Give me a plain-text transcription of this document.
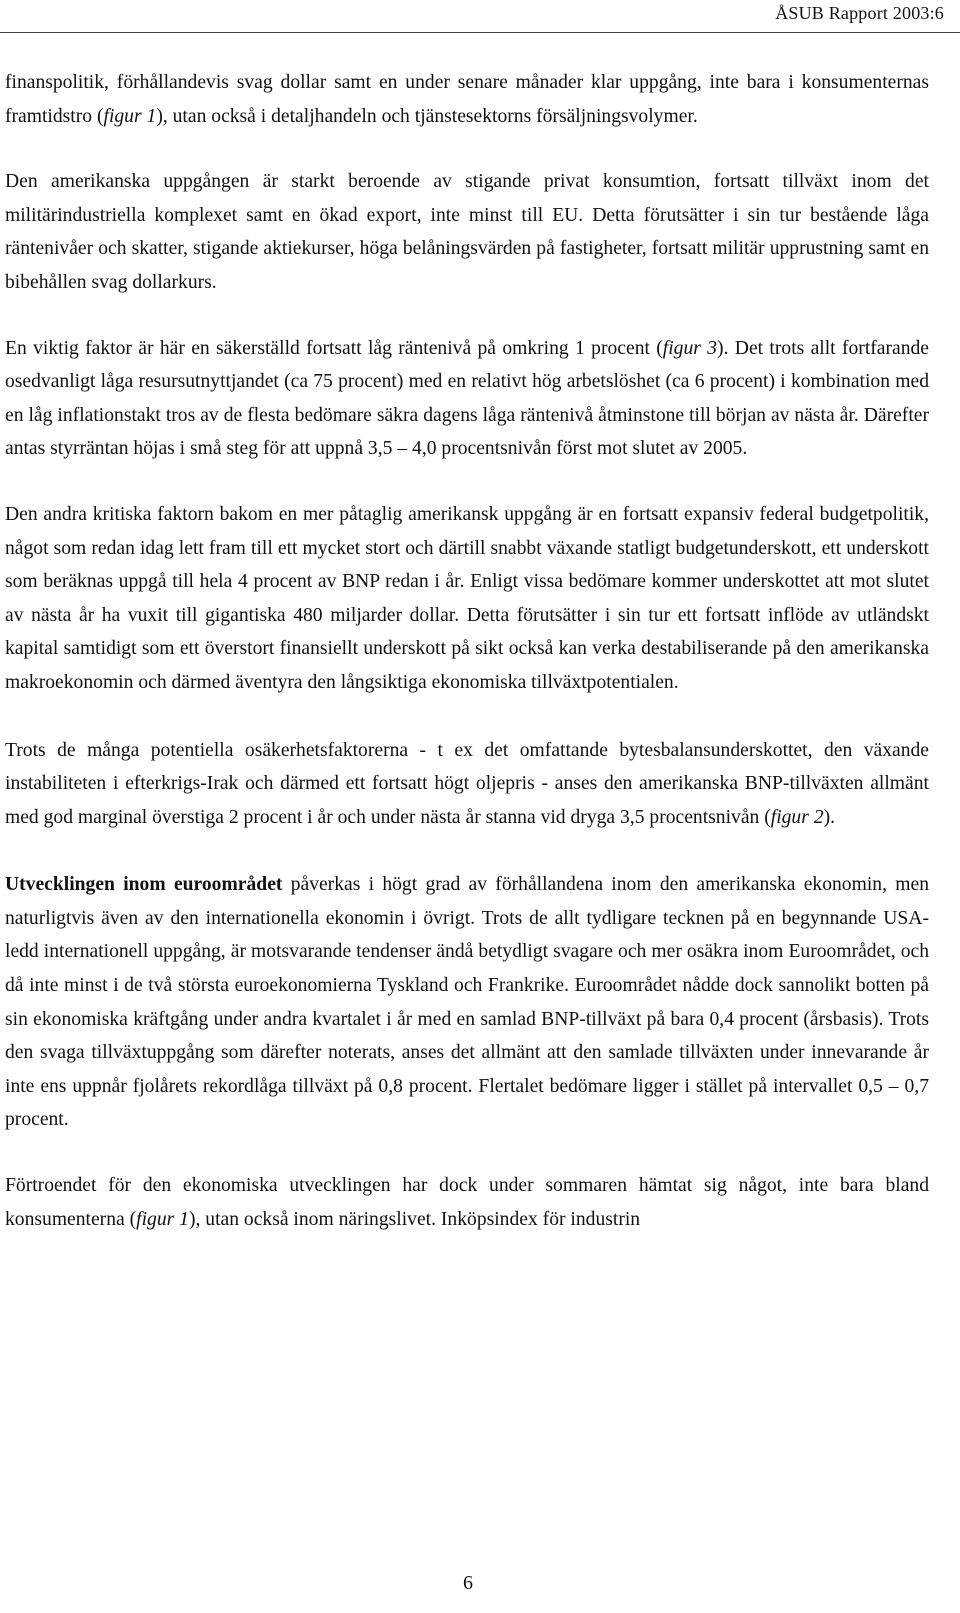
ÅSUB Rapport 2003:6

finanspolitik, förhållandevis svag dollar samt en under senare månader klar uppgång, inte bara i konsumenternas framtidstro (figur 1), utan också i detaljhandeln och tjänstesektorns försäljningsvolymer.

Den amerikanska uppgången är starkt beroende av stigande privat konsumtion, fortsatt tillväxt inom det militärindustriella komplexet samt en ökad export, inte minst till EU. Detta förutsätter i sin tur bestående låga räntenivåer och skatter, stigande aktiekurser, höga belåningsvärden på fastigheter, fortsatt militär upprustning samt en bibehållen svag dollarkurs.

En viktig faktor är här en säkerställd fortsatt låg räntenivå på omkring 1 procent (figur 3). Det trots allt fortfarande osedvanligt låga resursutnyttjandet (ca 75 procent) med en relativt hög arbetslöshet (ca 6 procent) i kombination med en låg inflationstakt tros av de flesta bedömare säkra dagens låga räntenivå åtminstone till början av nästa år. Därefter antas styrräntan höjas i små steg för att uppnå 3,5 – 4,0 procentsnivån först mot slutet av 2005.

Den andra kritiska faktorn bakom en mer påtaglig amerikansk uppgång är en fortsatt expansiv federal budgetpolitik, något som redan idag lett fram till ett mycket stort och därtill snabbt växande statligt budgetunderskott, ett underskott som beräknas uppgå till hela 4 procent av BNP redan i år. Enligt vissa bedömare kommer underskottet att mot slutet av nästa år ha vuxit till gigantiska 480 miljarder dollar. Detta förutsätter i sin tur ett fortsatt inflöde av utländskt kapital samtidigt som ett överstort finansiellt underskott på sikt också kan verka destabiliserande på den amerikanska makroekonomin och därmed äventyra den långsiktiga ekonomiska tillväxtpotentialen.

Trots de många potentiella osäkerhetsfaktorerna - t ex det omfattande bytesbalansunderskottet, den växande instabiliteten i efterkrigs-Irak och därmed ett fortsatt högt oljepris - anses den amerikanska BNP-tillväxten allmänt med god marginal överstiga 2 procent i år och under nästa år stanna vid dryga 3,5 procentsnivån (figur 2).

Utvecklingen inom euroområdet påverkas i högt grad av förhållandena inom den amerikanska ekonomin, men naturligtvis även av den internationella ekonomin i övrigt. Trots de allt tydligare tecknen på en begynnande USA-ledd internationell uppgång, är motsvarande tendenser ändå betydligt svagare och mer osäkra inom Euroområdet, och då inte minst i de två största euroekonomierna Tyskland och Frankrike. Euroområdet nådde dock sannolikt botten på sin ekonomiska kräftgång under andra kvartalet i år med en samlad BNP-tillväxt på bara 0,4 procent (årsbasis). Trots den svaga tillväxtuppgång som därefter noterats, anses det allmänt att den samlade tillväxten under innevarande år inte ens uppnår fjolårets rekordlåga tillväxt på 0,8 procent. Flertalet bedömare ligger i stället på intervallet 0,5 – 0,7 procent.

Förtroendet för den ekonomiska utvecklingen har dock under sommaren hämtat sig något, inte bara bland konsumenterna (figur 1), utan också inom näringslivet. Inköpsindex för industrin

6
